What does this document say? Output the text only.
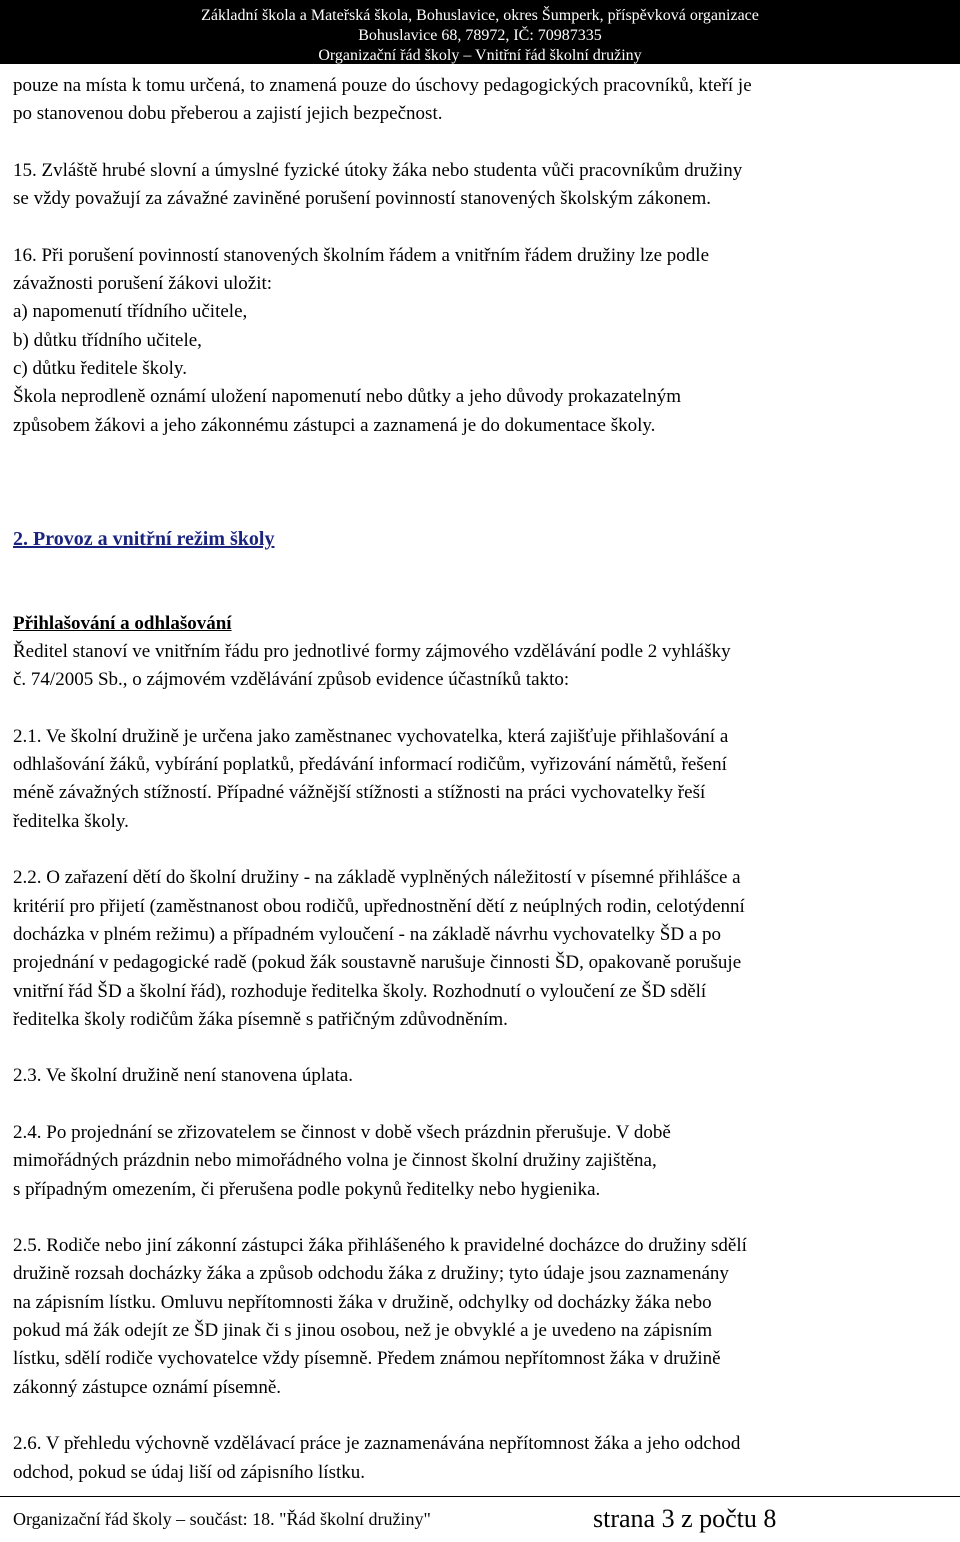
Základní škola a Mateřská škola, Bohuslavice, okres Šumperk, příspěvková organizace
Bohuslavice 68, 78972, IČ: 70987335
Organizační řád školy – Vnitřní řád školní družiny

pouze na místa k tomu určená, to znamená pouze do úschovy pedagogických pracovníků, kteří je

po stanovenou dobu přeberou a zajistí jejich bezpečnost.

15. Zvláště hrubé slovní a úmyslné fyzické útoky žáka nebo studenta vůči pracovníkům družiny

se vždy považují za závažné zaviněné porušení povinností stanovených školským zákonem.

16. Při porušení povinností stanovených školním řádem a vnitřním řádem družiny lze podle

závažnosti porušení žákovi uložit:

a) napomenutí třídního učitele,

b) důtku třídního učitele,

c) důtku ředitele školy.

Škola neprodleně oznámí uložení napomenutí nebo důtky a jeho důvody prokazatelným

způsobem žákovi a jeho zákonnému zástupci a zaznamená je do dokumentace školy.

2. Provoz a vnitřní režim školy

Přihlašování a odhlašování

Ředitel stanoví ve vnitřním řádu pro jednotlivé formy zájmového vzdělávání podle 2 vyhlášky

č. 74/2005 Sb., o zájmovém vzdělávání způsob evidence účastníků takto:

2.1. Ve školní družině je určena jako zaměstnanec vychovatelka, která zajišťuje přihlašování a

odhlašování žáků, vybírání poplatků, předávání informací rodičům, vyřizování námětů, řešení

méně závažných stížností. Případné vážnější stížnosti a stížnosti na práci vychovatelky řeší

ředitelka školy.

2.2. O zařazení dětí do školní družiny - na základě vyplněných náležitostí v písemné přihlášce a

kritérií pro přijetí (zaměstnanost obou rodičů, upřednostnění dětí z neúplných rodin, celotýdenní

docházka v plném režimu) a případném vyloučení - na základě návrhu vychovatelky ŠD a po

projednání v pedagogické radě (pokud žák soustavně narušuje činnosti ŠD, opakovaně porušuje

vnitřní řád ŠD a školní řád), rozhoduje ředitelka školy. Rozhodnutí o vyloučení ze ŠD sdělí

ředitelka školy rodičům žáka písemně s patřičným zdůvodněním.

2.3. Ve školní družině není stanovena úplata.

2.4. Po projednání se zřizovatelem se činnost v době všech prázdnin přerušuje. V době

mimořádných prázdnin nebo mimořádného volna je činnost školní družiny zajištěna,

s případným omezením, či přerušena podle pokynů ředitelky nebo hygienika.

2.5. Rodiče nebo jiní zákonní zástupci žáka přihlášeného k pravidelné docházce do družiny sdělí

družině rozsah docházky žáka a způsob odchodu žáka z družiny; tyto údaje jsou zaznamenány

na zápisním lístku. Omluvu nepřítomnosti žáka v družině, odchylky od docházky žáka nebo

pokud má žák odejít ze ŠD jinak či s jinou osobou, než je obvyklé a je uvedeno na zápisním

lístku, sdělí rodiče vychovatelce vždy písemně. Předem známou nepřítomnost žáka v družině

zákonný zástupce oznámí písemně.

2.6. V přehledu výchovně vzdělávací práce je zaznamenávána nepřítomnost žáka a jeho odchod

odchod, pokud se údaj liší od zápisního lístku.

Organizační řád školy – součást: 18. "Řád školní družiny"	strana 3 z počtu 8
